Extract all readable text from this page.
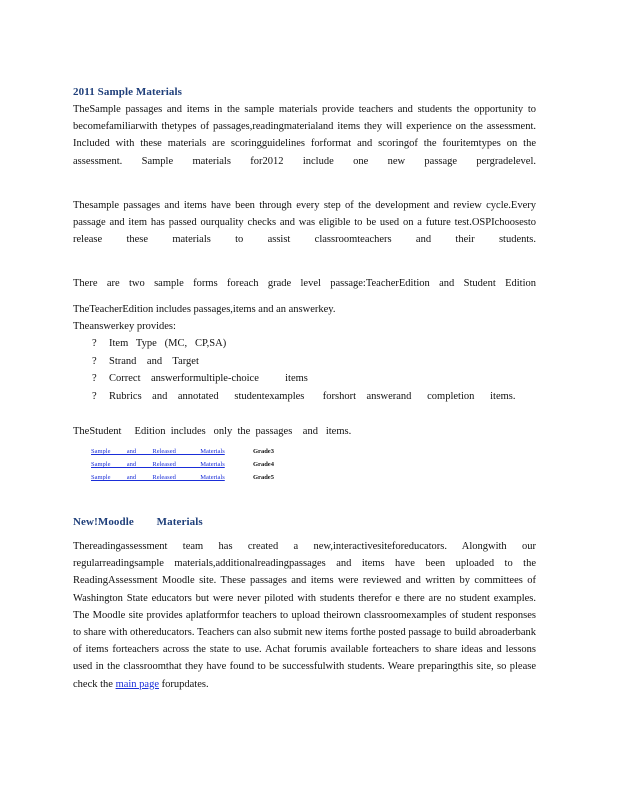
2011 Sample Materials
TheSample passages and items in the sample materials provide teachers and students the opportunity to becomefamiliarwith thetypes of passages,readingmaterialand items they will experience on the assessment. Included with these materials are scoringguidelines forformat and scoringof the fouritemtypes on the assessment. Sample materials for2012 include one new passage pergradelevel.
Thesample passages and items have been through every step of the development and review cycle.Every passage and item has passed ourquality checks and was eligible to be used on a future test.OSPIchoosesto release these materials to assist classroomteachers and their students.
There are two sample forms foreach grade level passage:TeacherEdition and Student Edition
TheTeacherEdition includes passages,items and an answerkey.
Theanswerkey provides:
?	Item   Type   (MC,   CP,SA)
?	Strand    and    Target
?	Correct    answerformultiple-choice          items
?	Rubrics    and    annotated      studentexamples       forshort    answerand      completion      items.
TheStudent     Edition  includes   only  the  passages    and   items.
Sample          and          Released               Materials	Grade3
Sample          and          Released               Materials	Grade4
Sample          and          Released               Materials	Grade5
New!Moodle        Materials
Thereadingassessment team has created a new,interactivesiteforeducators. Alongwith our regularreadingsample materials,additionalreadingpassages and items have been uploaded to the ReadingAssessment Moodle site. These passages and items were reviewed and written by committees of Washington State educators but were never piloted with students therefor e there are no student examples. The Moodle site provides aplatformfor teachers to upload theirown classroomexamples of student responses to share with othereducators. Teachers can also submit new items forthe posted passage to build abroaderbank of items forteachers across the state to use. Achat forumis available forteachers to share ideas and lessons used in the classroomthat they have found to be successfulwith students. Weare preparingthis site, so please check the main page forupdates.
